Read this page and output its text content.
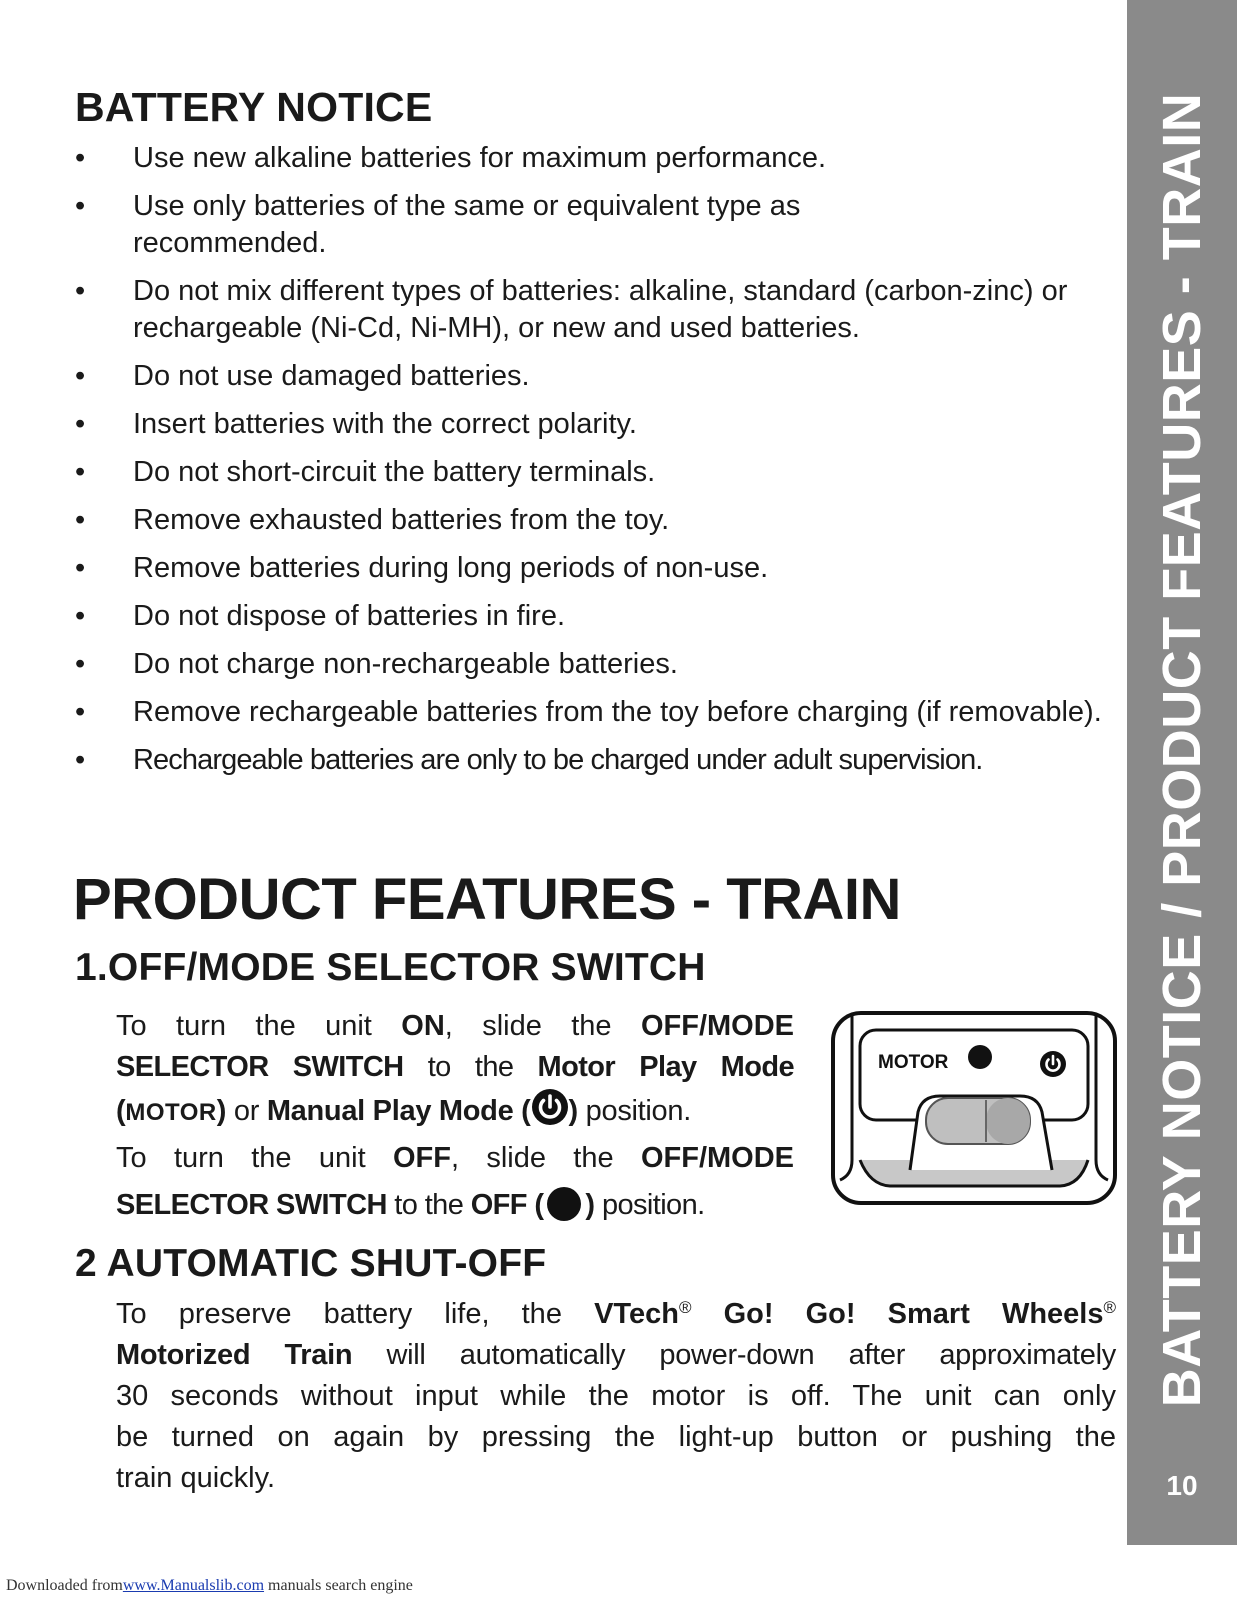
BATTERY NOTICE
•	Use new alkaline batteries for maximum performance.
•	Use only batteries of the same or equivalent type as recommended.
•	Do not mix different types of batteries: alkaline, standard (carbon-zinc) or rechargeable (Ni-Cd, Ni-MH), or new and used batteries.
•	Do not use damaged batteries.
•	Insert batteries with the correct polarity.
•	Do not short-circuit the battery terminals.
•	Remove exhausted batteries from the toy.
•	Remove batteries during long periods of non-use.
•	Do not dispose of batteries in fire.
•	Do not charge non-rechargeable batteries.
•	Remove rechargeable batteries from the toy before charging (if removable).
•	Rechargeable batteries are only to be charged under adult supervision.
PRODUCT FEATURES - TRAIN
1.OFF/MODE SELECTOR SWITCH
To turn the unit ON, slide the OFF/MODE
SELECTOR SWITCH to the Motor Play Mode
(MOTOR) or Manual Play Mode ( ) position.
To turn the unit OFF, slide the OFF/MODE
SELECTOR SWITCH to the OFF ( ) position.
MOTOR
2 AUTOMATIC SHUT-OFF
To preserve battery life, the VTech® Go! Go! Smart Wheels®
Motorized Train will automatically power-down after approximately
30 seconds without input while the motor is off. The unit can only
be turned on again by pressing the light-up button or pushing the
train quickly.
BATTERY NOTICE / PRODUCT FEATURES - TRAIN
10
Downloaded fromwww.Manualslib.com manuals search engine
